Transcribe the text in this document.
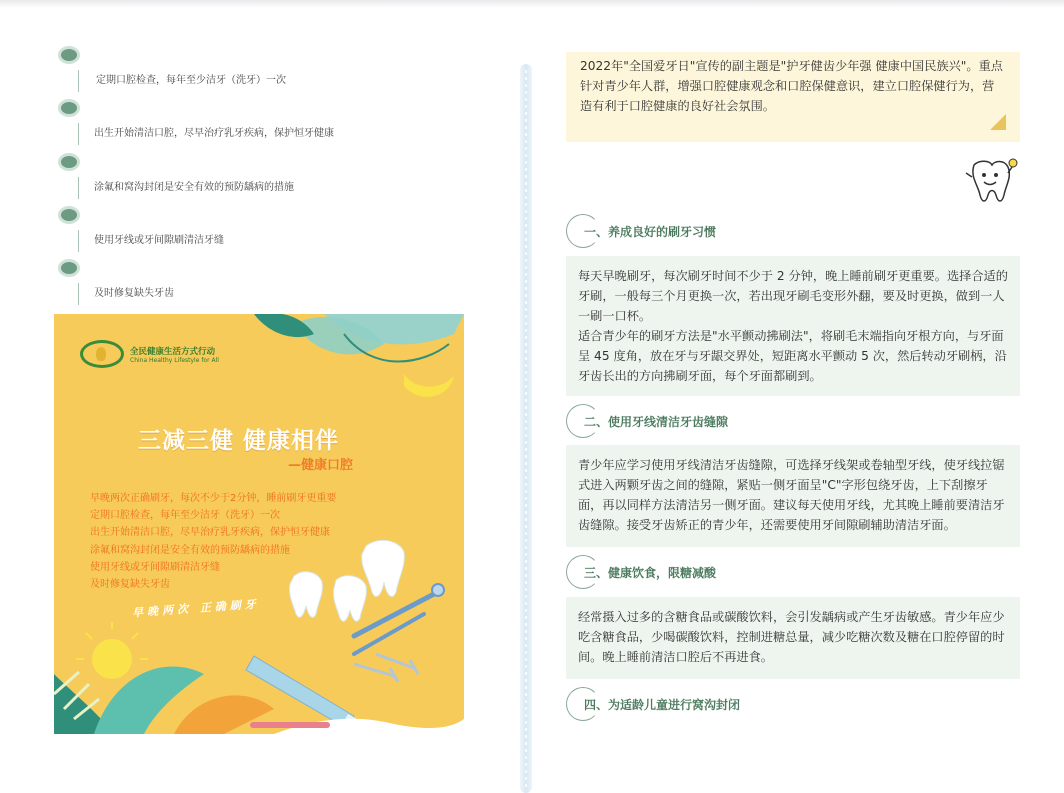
定期口腔检查，每年至少洁牙（洗牙）一次
出生开始清洁口腔，尽早治疗乳牙疾病，保护恒牙健康
涂氟和窝沟封闭是安全有效的预防龋病的措施
使用牙线或牙间隙刷清洁牙缝
及时修复缺失牙齿
全民健康生活方式行动
China Healthy Lifestyle for All
三减三健 健康相伴
—健康口腔
早晚两次正确刷牙，每次不少于2分钟，睡前刷牙更重要
定期口腔检查，每年至少洁牙（洗牙）一次
出生开始清洁口腔，尽早治疗乳牙疾病，保护恒牙健康
涂氟和窝沟封闭是安全有效的预防龋病的措施
使用牙线或牙间隙刷清洁牙缝
及时修复缺失牙齿
早晚两次 正确刷牙

2022年"全国爱牙日"宣传的副主题是"护牙健齿少年强 健康中国民族兴"。重点针对青少年人群，增强口腔健康观念和口腔保健意识，建立口腔保健行为，营造有利于口腔健康的良好社会氛围。

一、养成良好的刷牙习惯

每天早晚刷牙，每次刷牙时间不少于 2 分钟，晚上睡前刷牙更重要。选择合适的牙刷，一般每三个月更换一次，若出现牙刷毛变形外翻，要及时更换，做到一人一刷一口杯。

适合青少年的刷牙方法是"水平颤动拂刷法"，将刷毛末端指向牙根方向，与牙面呈 45 度角，放在牙与牙龈交界处，短距离水平颤动 5 次，然后转动牙刷柄，沿牙齿长出的方向拂刷牙面，每个牙面都刷到。

二、使用牙线清洁牙齿缝隙

青少年应学习使用牙线清洁牙齿缝隙，可选择牙线架或卷轴型牙线，使牙线拉锯式进入两颗牙齿之间的缝隙，紧贴一侧牙面呈"C"字形包绕牙齿，上下刮擦牙面，再以同样方法清洁另一侧牙面。建议每天使用牙线，尤其晚上睡前要清洁牙齿缝隙。接受牙齿矫正的青少年，还需要使用牙间隙刷辅助清洁牙面。

三、健康饮食，限糖减酸

经常摄入过多的含糖食品或碳酸饮料，会引发龋病或产生牙齿敏感。青少年应少吃含糖食品，少喝碳酸饮料，控制进糖总量，减少吃糖次数及糖在口腔停留的时间。晚上睡前清洁口腔后不再进食。

四、为适龄儿童进行窝沟封闭
